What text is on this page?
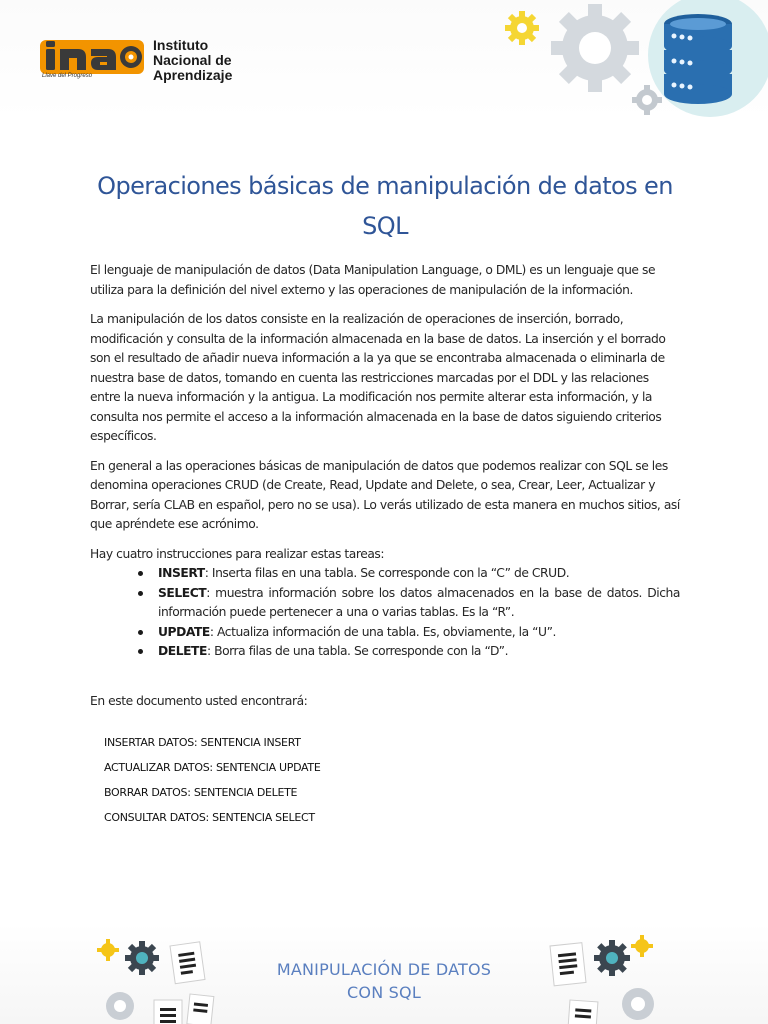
Llave del Progreso
Instituto
Nacional de
Aprendizaje
Operaciones básicas de manipulación de datos en SQL

El lenguaje de manipulación de datos (Data Manipulation Language, o DML) es un lenguaje que se utiliza para la definición del nivel externo y las operaciones de manipulación de la información.

La manipulación de los datos consiste en la realización de operaciones de inserción, borrado, modificación y consulta de la información almacenada en la base de datos. La inserción y el borrado son el resultado de añadir nueva información a la ya que se encontraba almacenada o eliminarla de nuestra base de datos, tomando en cuenta las restricciones marcadas por el DDL y las relaciones entre la nueva información y la antigua. La modificación nos permite alterar esta información, y la consulta nos permite el acceso a la información almacenada en la base de datos siguiendo criterios específicos.

En general a las operaciones básicas de manipulación de datos que podemos realizar con SQL se les denomina operaciones CRUD (de Create, Read, Update and Delete, o sea, Crear, Leer, Actualizar y Borrar, sería CLAB en español, pero no se usa). Lo verás utilizado de esta manera en muchos sitios, así que apréndete ese acrónimo.

Hay cuatro instrucciones para realizar estas tareas:

INSERT: Inserta filas en una tabla. Se corresponde con la “C” de CRUD.
SELECT: muestra información sobre los datos almacenados en la base de datos. Dicha información puede pertenecer a una o varias tablas. Es la “R”.
UPDATE: Actualiza información de una tabla. Es, obviamente, la “U”.
DELETE: Borra filas de una tabla. Se corresponde con la “D”.

En este documento usted encontrará:

INSERTAR DATOS: SENTENCIA INSERT
ACTUALIZAR DATOS: SENTENCIA UPDATE
BORRAR DATOS: SENTENCIA DELETE
CONSULTAR DATOS: SENTENCIA SELECT
MANIPULACIÓN DE DATOS
CON SQL
